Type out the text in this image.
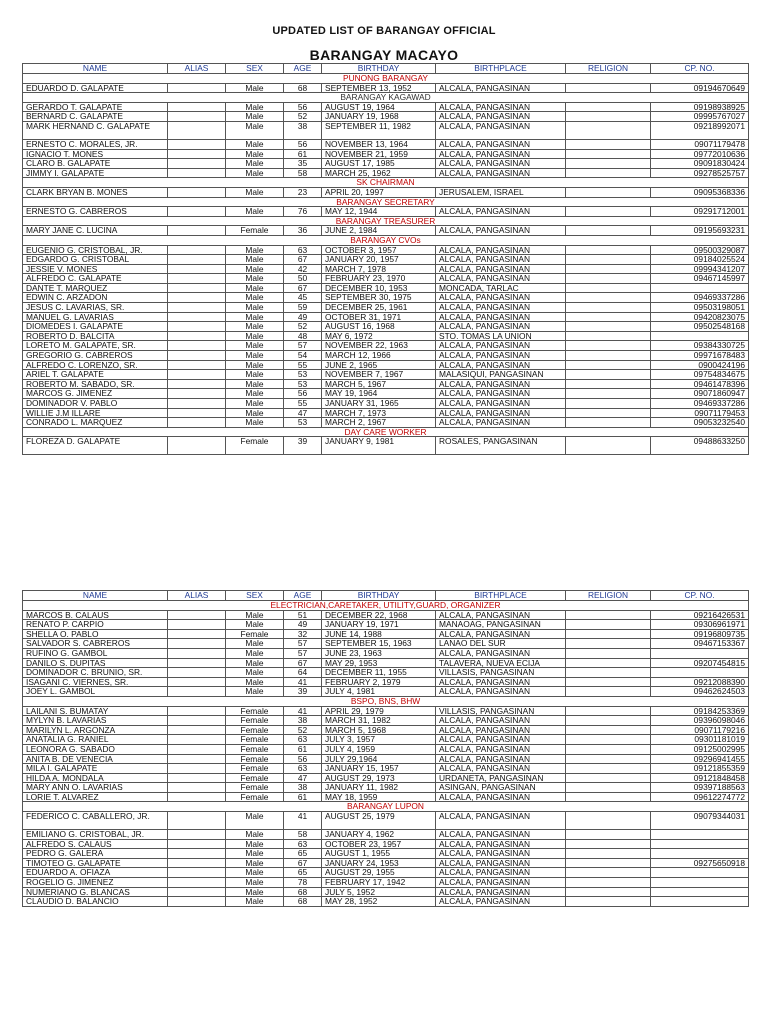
UPDATED LIST OF BARANGAY OFFICIAL
BARANGAY MACAYO
NAME	ALIAS	SEX	AGE	BIRTHDAY	BIRTHPLACE	RELIGION	CP. NO.
PUNONG BARANGAY							
EDUARDO D. GALAPATE		Male	68	SEPTEMBER 13, 1952	ALCALA, PANGASINAN		09194670649
BARANGAY KAGAWAD							
GERARDO T. GALAPATE		Male	56	AUGUST 19, 1964	ALCALA, PANGASINAN		09198938925
BERNARD C. GALAPATE		Male	52	JANUARY 19, 1968	ALCALA, PANGASINAN		09995767027
MARK HERNAND C. GALAPATE		Male	38	SEPTEMBER 11, 1982	ALCALA, PANGASINAN		09218992071
ERNESTO C. MORALES, JR.		Male	56	NOVEMBER 13, 1964	ALCALA, PANGASINAN		09071179478
IGNACIO T. MONES		Male	61	NOVEMBER 21, 1959	ALCALA, PANGASINAN		09772010636
CLARO B. GALAPATE		Male	35	AUGUST 17, 1985	ALCALA, PANGASINAN		09091830424
JIMMY I. GALAPATE		Male	58	MARCH 25, 1962	ALCALA, PANGASINAN		09278525757
SK CHAIRMAN							
CLARK BRYAN B. MONES		Male	23	APRIL 20, 1997	JERUSALEM, ISRAEL		09095368336
BARANGAY SECRETARY							
ERNESTO G. CABREROS		Male	76	MAY 12, 1944	ALCALA, PANGASINAN		09291712001
BARANGAY TREASURER							
MARY JANE C. LUCINA		Female	36	JUNE 2, 1984	ALCALA, PANGASINAN		09195693231
BARANGAY CVOs							
EUGENIO G. CRISTOBAL, JR.		Male	63	OCTOBER 3, 1957	ALCALA, PANGASINAN		09500329087
EDGARDO G. CRISTOBAL		Male	67	JANUARY 20, 1957	ALCALA, PANGASINAN		09184025524
JESSIE V. MONES		Male	42	MARCH 7, 1978	ALCALA, PANGASINAN		09994341207
ALFREDO C. GALAPATE		Male	50	FEBRUARY 23, 1970	ALCALA, PANGASINAN		09467145997
DANTE T. MARQUEZ		Male	67	DECEMBER 10, 1953	MONCADA, TARLAC		
EDWIN C. ARZADON		Male	45	SEPTEMBER 30, 1975	ALCALA, PANGASINAN		09469337286
JESUS C. LAVARIAS, SR.		Male	59	DECEMBER 25, 1961	ALCALA, PANGASINAN		09503198051
MANUEL G. LAVARIAS		Male	49	OCTOBER 31, 1971	ALCALA, PANGASINAN		09420823075
DIOMEDES I. GALAPATE		Male	52	AUGUST 16, 1968	ALCALA, PANGASINAN		09502548168
ROBERTO D. BALCITA		Male	48	MAY 6, 1972	STO. TOMAS LA UNION		
LORETO M. GALAPATE, SR.		Male	57	NOVEMBER 22, 1963	ALCALA, PANGASINAN		09384330725
GREGORIO G. CABREROS		Male	54	MARCH 12, 1966	ALCALA, PANGASINAN		09971678483
ALFREDO C. LORENZO, SR.		Male	55	JUNE 2, 1965	ALCALA, PANGASINAN		0900424196
ARIEL T. GALAPATE		Male	53	NOVEMBER 7, 1967	MALASIQUI, PANGASINAN		09754834675
ROBERTO M. SABADO, SR.		Male	53	MARCH 5, 1967	ALCALA, PANGASINAN		09461478396
MARCOS G. JIMENEZ		Male	56	MAY 19, 1964	ALCALA, PANGASINAN		09071860947
DOMINADOR V. PABLO		Male	55	JANUARY 31, 1965	ALCALA, PANGASINAN		09469337286
WILLIE J.M ILLARE		Male	47	MARCH 7, 1973	ALCALA, PANGASINAN		09071179453
CONRADO L. MARQUEZ		Male	53	MARCH 2, 1967	ALCALA, PANGASINAN		09053232540
DAY CARE WORKER							
FLOREZA D. GALAPATE		Female	39	JANUARY 9, 1981	ROSALES, PANGASINAN		09488633250
NAME	ALIAS	SEX	AGE	BIRTHDAY	BIRTHPLACE	RELIGION	CP. NO.
ELECTRICIAN,CARETAKER, UTILITY,GUARD, ORGANIZER							
MARCOS B. CALAUS		Male	51	DECEMBER 22, 1968	ALCALA, PANGASINAN		09216426531
RENATO P. CARPIO		Male	49	JANUARY 19, 1971	MANAOAG, PANGASINAN		09306961971
SHELLA O. PABLO		Female	32	JUNE 14, 1988	ALCALA, PANGASINAN		09196809735
SALVADOR S. CABREROS		Male	57	SEPTEMBER 15, 1963	LANAO DEL SUR		09467153367
RUFINO G. GAMBOL		Male	57	JUNE 23, 1963	ALCALA, PANGASINAN		
DANILO S. DUPITAS		Male	67	MAY 29, 1953	TALAVERA, NUEVA ECIJA		09207454815
DOMINADOR C. BRUNIO, SR.		Male	64	DECEMBER 11, 1955	VILLASIS, PANGASINAN		
ISAGANI C. VIERNES, SR.		Male	41	FEBRUARY 2, 1979	ALCALA, PANGASINAN		09212088390
JOEY L. GAMBOL		Male	39	JULY 4, 1981	ALCALA, PANGASINAN		09462624503
BSPO, BNS, BHW							
LAILANI S. BUMATAY		Female	41	APRIL 29, 1979	VILLASIS, PANGASINAN		09184253369
MYLYN B. LAVARIAS		Female	38	MARCH 31, 1982	ALCALA, PANGASINAN		09396098046
MARILYN L. ARGONZA		Female	52	MARCH 5, 1968	ALCALA, PANGASINAN		09071179216
ANATALIA G. RANIEL		Female	63	JULY 3, 1957	ALCALA, PANGASINAN		09301181019
LEONORA G. SABADO		Female	61	JULY 4, 1959	ALCALA, PANGASINAN		09125002995
ANITA B. DE VENECIA		Female	56	JULY 29,1964	ALCALA, PANGASINAN		09296941455
MILA I. GALAPATE		Female	63	JANUARY 15, 1957	ALCALA, PANGASINAN		09121855359
HILDA A. MONDALA		Female	47	AUGUST 29, 1973	URDANETA, PANGASINAN		09121848458
MARY ANN O. LAVARIAS		Female	38	JANUARY 11, 1982	ASINGAN, PANGASINAN		09397188563
LORIE T. ALVAREZ		Female	61	MAY 18, 1959	ALCALA, PANGASINAN		09612274772
BARANGAY LUPON							
FEDERICO C. CABALLERO, JR.		Male	41	AUGUST 25, 1979	ALCALA, PANGASINAN		09079344031
EMILIANO G. CRISTOBAL, JR.		Male	58	JANUARY 4, 1962	ALCALA, PANGASINAN		
ALFREDO S. CALAUS		Male	63	OCTOBER 23, 1957	ALCALA, PANGASINAN		
PEDRO G. GALERA		Male	65	AUGUST 1, 1955	ALCALA, PANGASINAN		
TIMOTEO G. GALAPATE		Male	67	JANUARY 24, 1953	ALCALA, PANGASINAN		09275650918
EDUARDO A. OFIAZA		Male	65	AUGUST 29, 1955	ALCALA, PANGASINAN		
ROGELIO G. JIMENEZ		Male	78	FEBRUARY 17, 1942	ALCALA, PANGASINAN		
NUMERIANO G. BLANCAS		Male	68	JULY 5, 1952	ALCALA, PANGASINAN		
CLAUDIO D. BALANCIO		Male	68	MAY 28, 1952	ALCALA, PANGASINAN		
